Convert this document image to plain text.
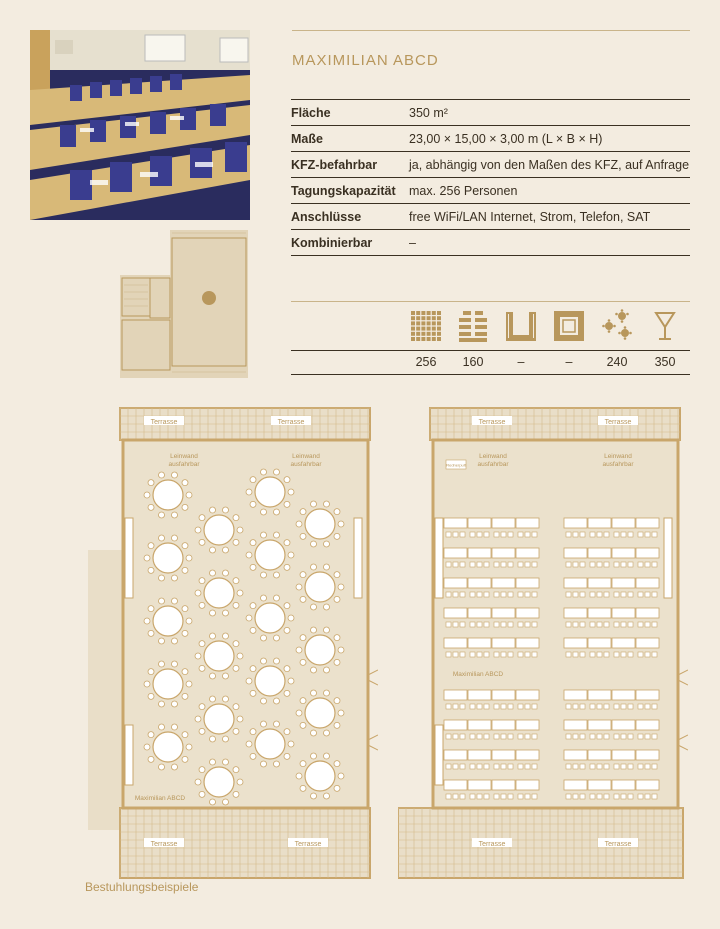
MAXIMILIAN ABCD
Fläche	350 m²
Maße	23,00 × 15,00 × 3,00 m (L × B × H)
KFZ-befahrbar	ja, abhängig von den Maßen des KFZ, auf Anfrage
Tagungskapazität	max. 256 Personen
Anschlüsse	free WiFi/LAN Internet, Strom, Telefon, SAT
Kombinierbar	–
256	160	–	–	240	350
Terrasse	Terrasse
Leinwand
ausfahrbar
Leinwand
ausfahrbar
Maximilian ABCD
Terrasse	Terrasse
Rednerpult
Terrasse	Terrasse
Leinwand
ausfahrbar
Leinwand
ausfahrbar
Maximilian ABCD
Terrasse	Terrasse
Bestuhlungsbeispiele
